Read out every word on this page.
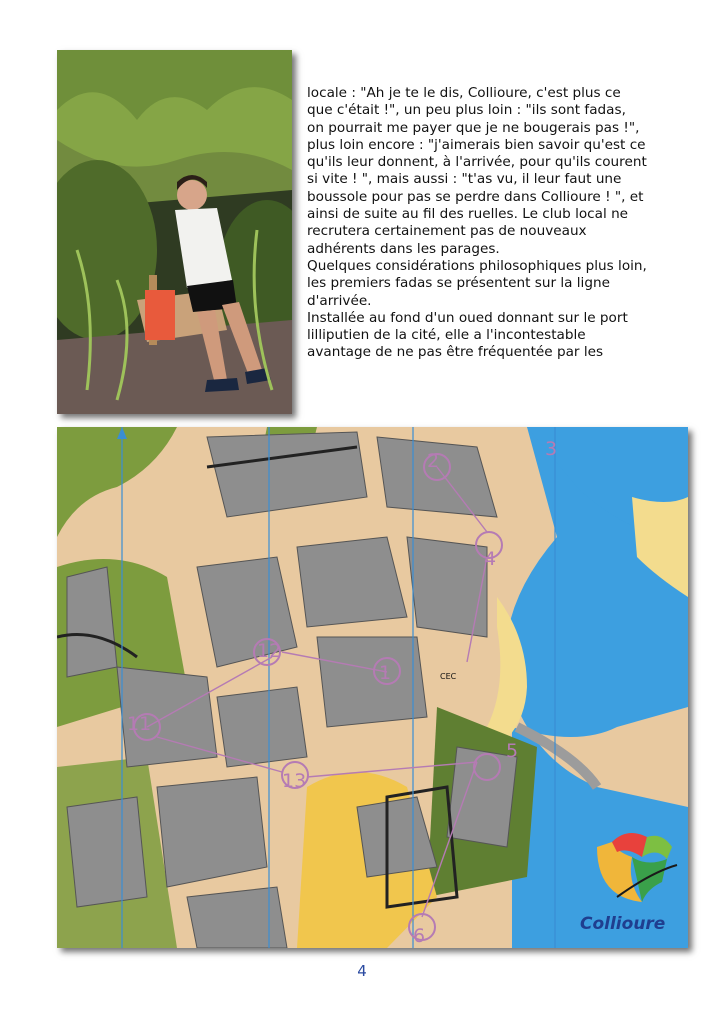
locale : "Ah je te le dis, Collioure, c'est plus ce que c'était !", un peu plus loin : "ils sont fadas, on pourrait me payer que je ne bougerais pas !", plus loin encore : "j'aimerais bien savoir qu'est ce qu'ils leur donnent, à l'arrivée, pour qu'ils courent si vite ! ", mais aussi : "t'as vu, il leur faut une boussole pour pas se perdre dans Collioure ! ", et ainsi de suite au fil des ruelles. Le club local ne recrutera certainement pas de nouveaux adhérents dans les parages.

Quelques considérations philosophiques plus loin, les premiers fadas se présentent sur la ligne d'arrivée.

Installée au fond d'un oued donnant sur le port lilliputien de la cité, elle a l'incontestable avantage de ne pas être fréquentée par les

2
3
4
12
1
11
5
13
6
CEC
Collioure
4
